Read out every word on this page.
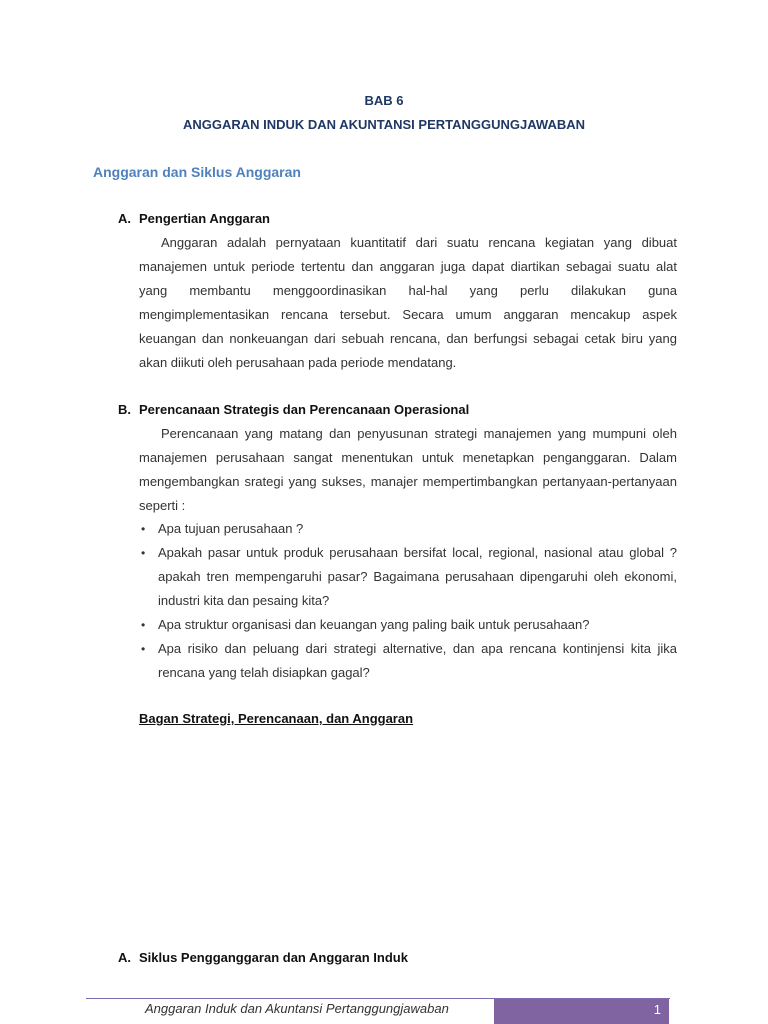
BAB 6
ANGGARAN INDUK DAN AKUNTANSI PERTANGGUNGJAWABAN
Anggaran dan Siklus Anggaran
A. Pengertian Anggaran

Anggaran adalah pernyataan kuantitatif dari suatu rencana kegiatan yang dibuat manajemen untuk periode tertentu dan anggaran juga dapat diartikan sebagai suatu alat yang membantu menggoordinasikan hal-hal yang perlu dilakukan guna mengimplementasikan rencana tersebut. Secara umum anggaran mencakup aspek keuangan dan nonkeuangan dari sebuah rencana, dan berfungsi sebagai cetak biru yang akan diikuti oleh perusahaan pada periode mendatang.

B. Perencanaan Strategis dan Perencanaan Operasional

Perencanaan yang matang dan penyusunan strategi manajemen yang mumpuni oleh manajemen perusahaan sangat menentukan untuk menetapkan penganggaran. Dalam mengembangkan srategi yang sukses, manajer mempertimbangkan pertanyaan-pertanyaan seperti :

• Apa tujuan perusahaan ?
• Apakah pasar untuk produk perusahaan bersifat local, regional, nasional atau global ? apakah tren mempengaruhi pasar? Bagaimana perusahaan dipengaruhi oleh ekonomi, industri kita dan pesaing kita?
• Apa struktur organisasi dan keuangan yang paling baik untuk perusahaan?
• Apa risiko dan peluang dari strategi alternative, dan apa rencana kontinjensi kita jika rencana yang telah disiapkan gagal?
Bagan Strategi, Perencanaan, dan Anggaran
A. Siklus Pengganggaran dan Anggaran Induk
Anggaran Induk dan Akuntansi Pertanggungjawaban	1
